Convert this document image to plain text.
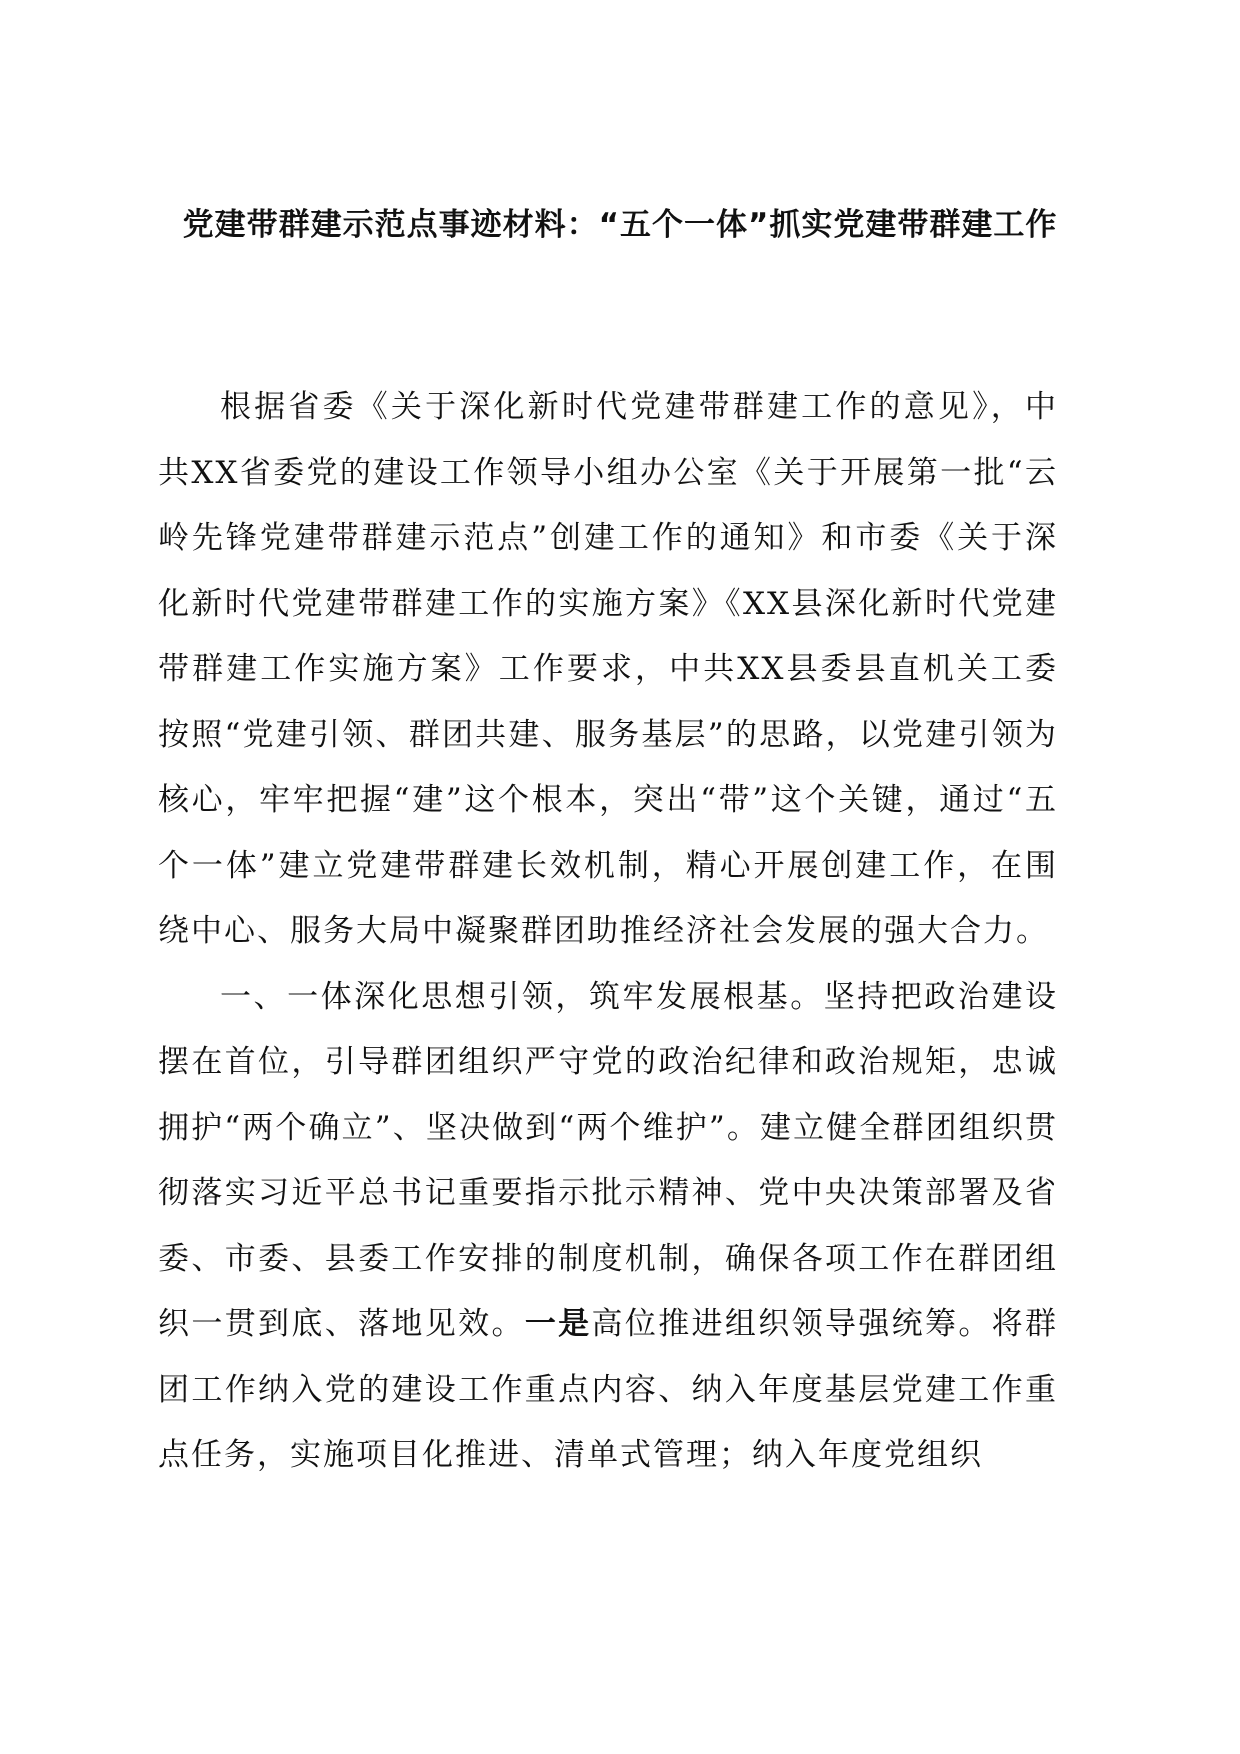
党建带群建示范点事迹材料：“五个一体”抓实党建带群建工作

根据省委《关于深化新时代党建带群建工作的意见》，中共XX省委党的建设工作领导小组办公室《关于开展第一批“云岭先锋党建带群建示范点”创建工作的通知》和市委《关于深化新时代党建带群建工作的实施方案》《XX县深化新时代党建带群建工作实施方案》工作要求，中共XX县委县直机关工委按照“党建引领、群团共建、服务基层”的思路，以党建引领为核心，牢牢把握“建”这个根本，突出“带”这个关键，通过“五个一体”建立党建带群建长效机制，精心开展创建工作，在围绕中心、服务大局中凝聚群团助推经济社会发展的强大合力。

一、一体深化思想引领，筑牢发展根基。坚持把政治建设摆在首位，引导群团组织严守党的政治纪律和政治规矩，忠诚拥护“两个确立”、坚决做到“两个维护”。建立健全群团组织贯彻落实习近平总书记重要指示批示精神、党中央决策部署及省委、市委、县委工作安排的制度机制，确保各项工作在群团组织一贯到底、落地见效。一是高位推进组织领导强统筹。将群团工作纳入党的建设工作重点内容、纳入年度基层党建工作重点任务，实施项目化推进、清单式管理；纳入年度党组织
